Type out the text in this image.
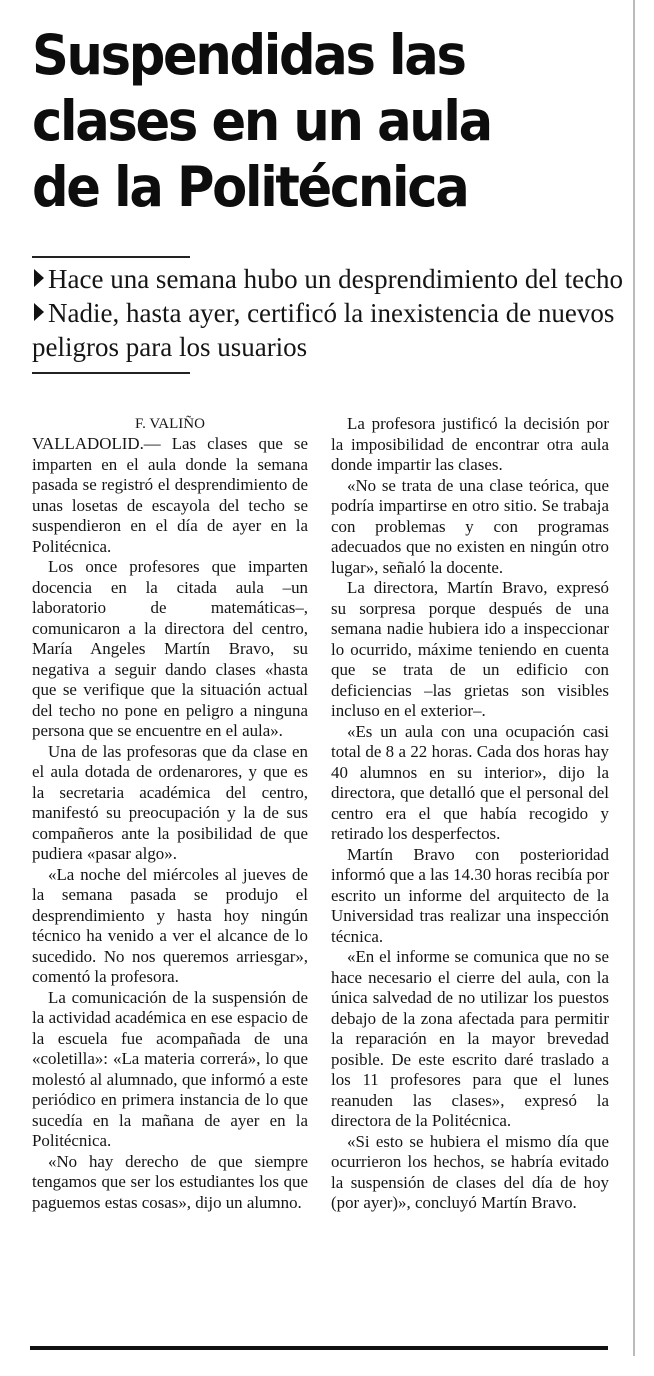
Suspendidas las
clases en un aula
de la Politécnica

Hace una semana hubo un desprendimiento del techo Nadie, hasta ayer, certificó la inexistencia de nuevos peligros para los usuarios

F. VALIÑO

VALLADOLID.— Las clases que se imparten en el aula donde la semana pasada se registró el desprendimiento de unas losetas de escayola del techo se suspendieron en el día de ayer en la Politécnica.

Los once profesores que imparten docencia en la citada aula –un laboratorio de matemáticas–, comunicaron a la directora del centro, María Angeles Martín Bravo, su negativa a seguir dando clases «hasta que se verifique que la situación actual del techo no pone en peligro a ninguna persona que se encuentre en el aula».

Una de las profesoras que da clase en el aula dotada de ordenarores, y que es la secretaria académica del centro, manifestó su preocupación y la de sus compañeros ante la posibilidad de que pudiera «pasar algo».

«La noche del miércoles al jueves de la semana pasada se produjo el desprendimiento y hasta hoy ningún técnico ha venido a ver el alcance de lo sucedido. No nos queremos arriesgar», comentó la profesora.

La comunicación de la suspensión de la actividad académica en ese espacio de la escuela fue acompañada de una «coletilla»: «La materia correrá», lo que molestó al alumnado, que informó a este periódico en primera instancia de lo que sucedía en la mañana de ayer en la Politécnica.

«No hay derecho de que siempre tengamos que ser los estudiantes los que paguemos estas cosas», dijo un alumno.

La profesora justificó la decisión por la imposibilidad de encontrar otra aula donde impartir las clases.

«No se trata de una clase teórica, que podría impartirse en otro sitio. Se trabaja con problemas y con programas adecuados que no existen en ningún otro lugar», señaló la docente.

La directora, Martín Bravo, expresó su sorpresa porque después de una semana nadie hubiera ido a inspeccionar lo ocurrido, máxime teniendo en cuenta que se trata de un edificio con deficiencias –las grietas son visibles incluso en el exterior–.

«Es un aula con una ocupación casi total de 8 a 22 horas. Cada dos horas hay 40 alumnos en su interior», dijo la directora, que detalló que el personal del centro era el que había recogido y retirado los desperfectos.

Martín Bravo con posterioridad informó que a las 14.30 horas recibía por escrito un informe del arquitecto de la Universidad tras realizar una inspección técnica.

«En el informe se comunica que no se hace necesario el cierre del aula, con la única salvedad de no utilizar los puestos debajo de la zona afectada para permitir la reparación en la mayor brevedad posible. De este escrito daré traslado a los 11 profesores para que el lunes reanuden las clases», expresó la directora de la Politécnica.

«Si esto se hubiera el mismo día que ocurrieron los hechos, se habría evitado la suspensión de clases del día de hoy (por ayer)», concluyó Martín Bravo.
